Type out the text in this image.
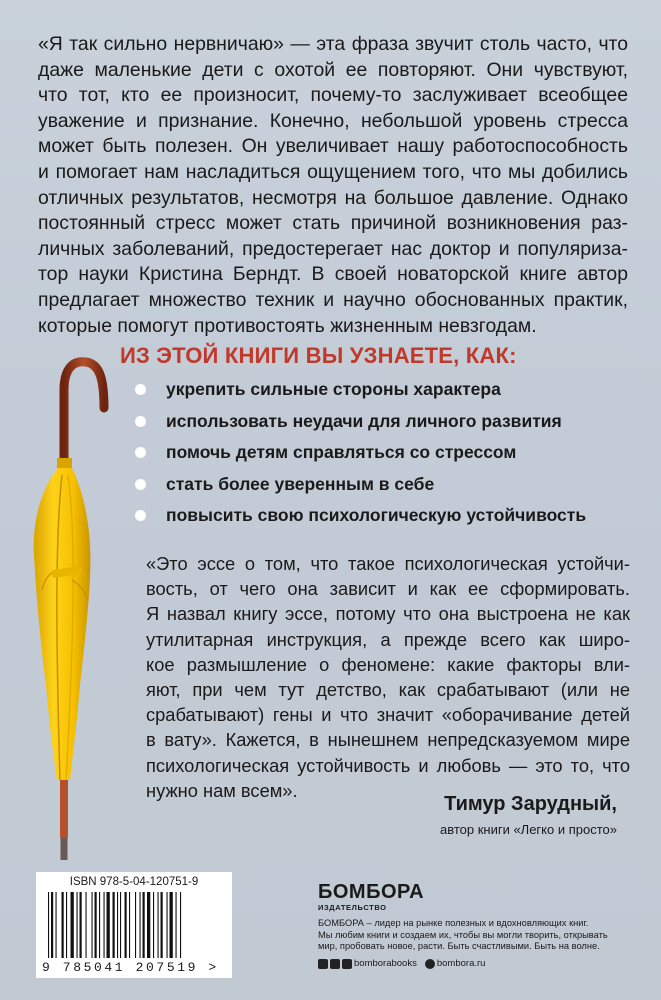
«Я так сильно нервничаю» — эта фраза звучит столь часто, что
даже маленькие дети с охотой ее повторяют. Они чувствуют,
что тот, кто ее произносит, почему-то заслуживает всеобщее
уважение и признание. Конечно, небольшой уровень стресса
может быть полезен. Он увеличивает нашу работоспособность
и помогает нам насладиться ощущением того, что мы добились
отличных результатов, несмотря на большое давление. Однако
постоянный стресс может стать причиной возникновения раз-
личных заболеваний, предостерегает нас доктор и популяриза-
тор науки Кристина Берндт. В своей новаторской книге автор
предлагает множество техник и научно обоснованных практик,
которые помогут противостоять жизненным невзгодам.
ИЗ ЭТОЙ КНИГИ ВЫ УЗНАЕТЕ, КАК:
укрепить сильные стороны характера
использовать неудачи для личного развития
помочь детям справляться со стрессом
стать более уверенным в себе
повысить свою психологическую устойчивость
«Это эссе о том, что такое психологическая устойчи-
вость, от чего она зависит и как ее сформировать.
Я назвал книгу эссе, потому что она выстроена не как
утилитарная инструкция, а прежде всего как широ-
кое размышление о феномене: какие факторы вли-
яют, при чем тут детство, как срабатывают (или не
срабатывают) гены и что значит «оборачивание детей
в вату». Кажется, в нынешнем непредсказуемом мире
психологическая устойчивость и любовь — это то, что
нужно нам всем».
Тимур Зарудный,
автор книги «Легко и просто»
ISBN 978-5-04-120751-9
9 785041 207519 >
БОМБОРА
ИЗДАТЕЛЬСТВО
БОМБОРА – лидер на рынке полезных и вдохновляющих книг.
Мы любим книги и создаем их, чтобы вы могли творить, открывать
мир, пробовать новое, расти. Быть счастливыми. Быть на волне.
bomborabooks bombora.ru
